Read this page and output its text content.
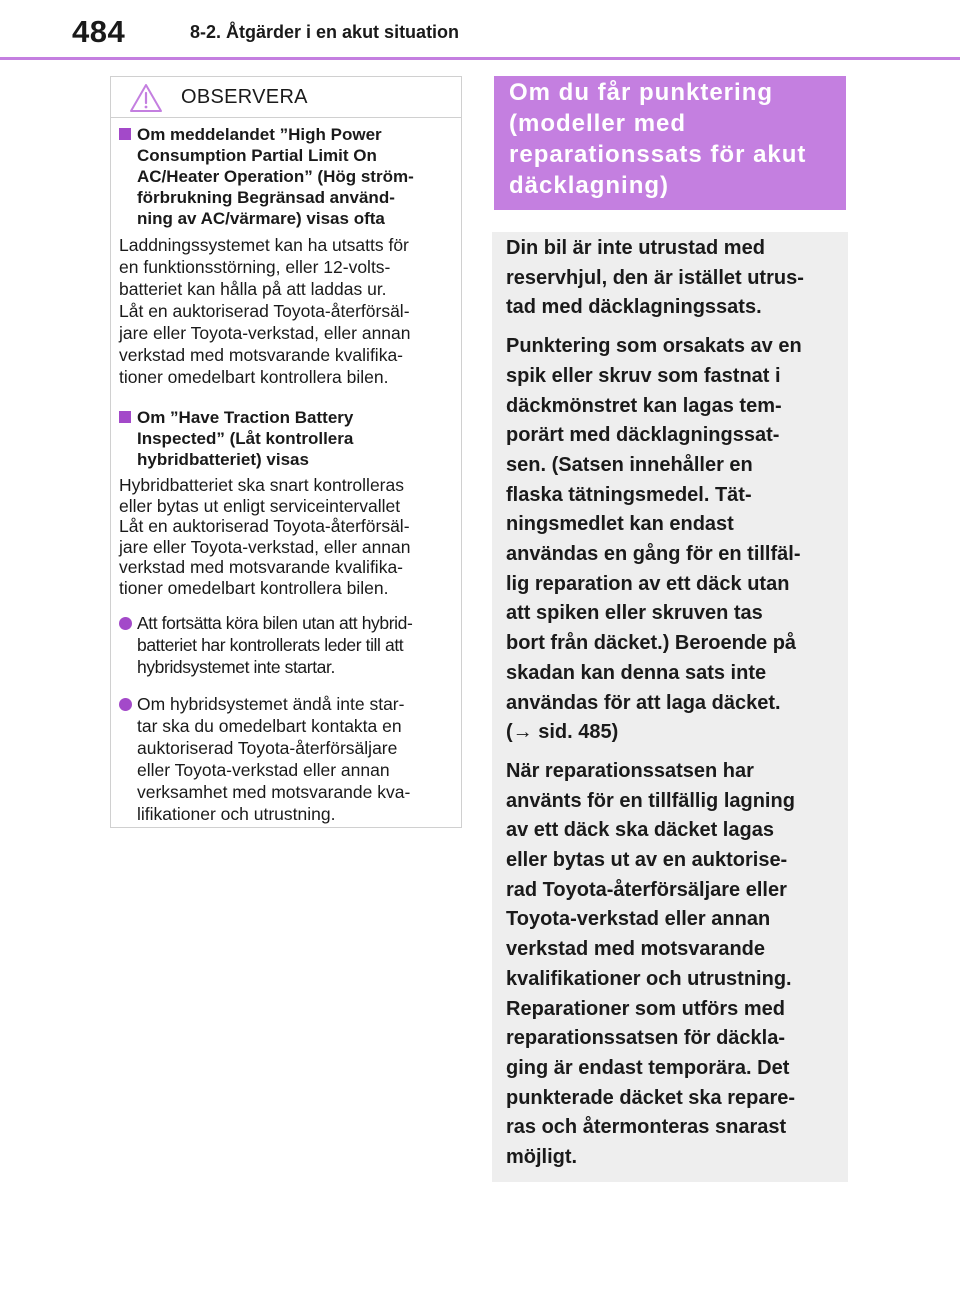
484	8-2. Åtgärder i en akut situation
OBSERVERA
Om meddelandet ”High Power
Consumption Partial Limit On
AC/Heater Operation” (Hög ström-
förbrukning Begränsad använd-
ning av AC/värmare) visas ofta
Laddningssystemet kan ha utsatts för
en funktionsstörning, eller 12-volts-
batteriet kan hålla på att laddas ur.
Låt en auktoriserad Toyota-återförsäl-
jare eller Toyota-verkstad, eller annan
verkstad med motsvarande kvalifika-
tioner omedelbart kontrollera bilen.
Om ”Have Traction Battery
Inspected” (Låt kontrollera
hybridbatteriet) visas
Hybridbatteriet ska snart kontrolleras
eller bytas ut enligt serviceintervallet
Låt en auktoriserad Toyota-återförsäl-
jare eller Toyota-verkstad, eller annan
verkstad med motsvarande kvalifika-
tioner omedelbart kontrollera bilen.
Att fortsätta köra bilen utan att hybrid-
batteriet har kontrollerats leder till att
hybridsystemet inte startar.
Om hybridsystemet ändå inte star-
tar ska du omedelbart kontakta en
auktoriserad Toyota-återförsäljare
eller Toyota-verkstad eller annan
verksamhet med motsvarande kva-
lifikationer och utrustning.
Om du får punktering
(modeller med
reparationssats för akut
däcklagning)
Din bil är inte utrustad med
reservhjul, den är istället utrus-
tad med däcklagningssats.
Punktering som orsakats av en
spik eller skruv som fastnat i
däckmönstret kan lagas tem-
porärt med däcklagningssat-
sen. (Satsen innehåller en
flaska tätningsmedel. Tät-
ningsmedlet kan endast
användas en gång för en tillfäl-
lig reparation av ett däck utan
att spiken eller skruven tas
bort från däcket.) Beroende på
skadan kan denna sats inte
användas för att laga däcket.
(→ sid. 485)
När reparationssatsen har
använts för en tillfällig lagning
av ett däck ska däcket lagas
eller bytas ut av en auktorise-
rad Toyota-återförsäljare eller
Toyota-verkstad eller annan
verkstad med motsvarande
kvalifikationer och utrustning.
Reparationer som utförs med
reparationssatsen för däckla-
ging är endast temporära. Det
punkterade däcket ska repare-
ras och återmonteras snarast
möjligt.
